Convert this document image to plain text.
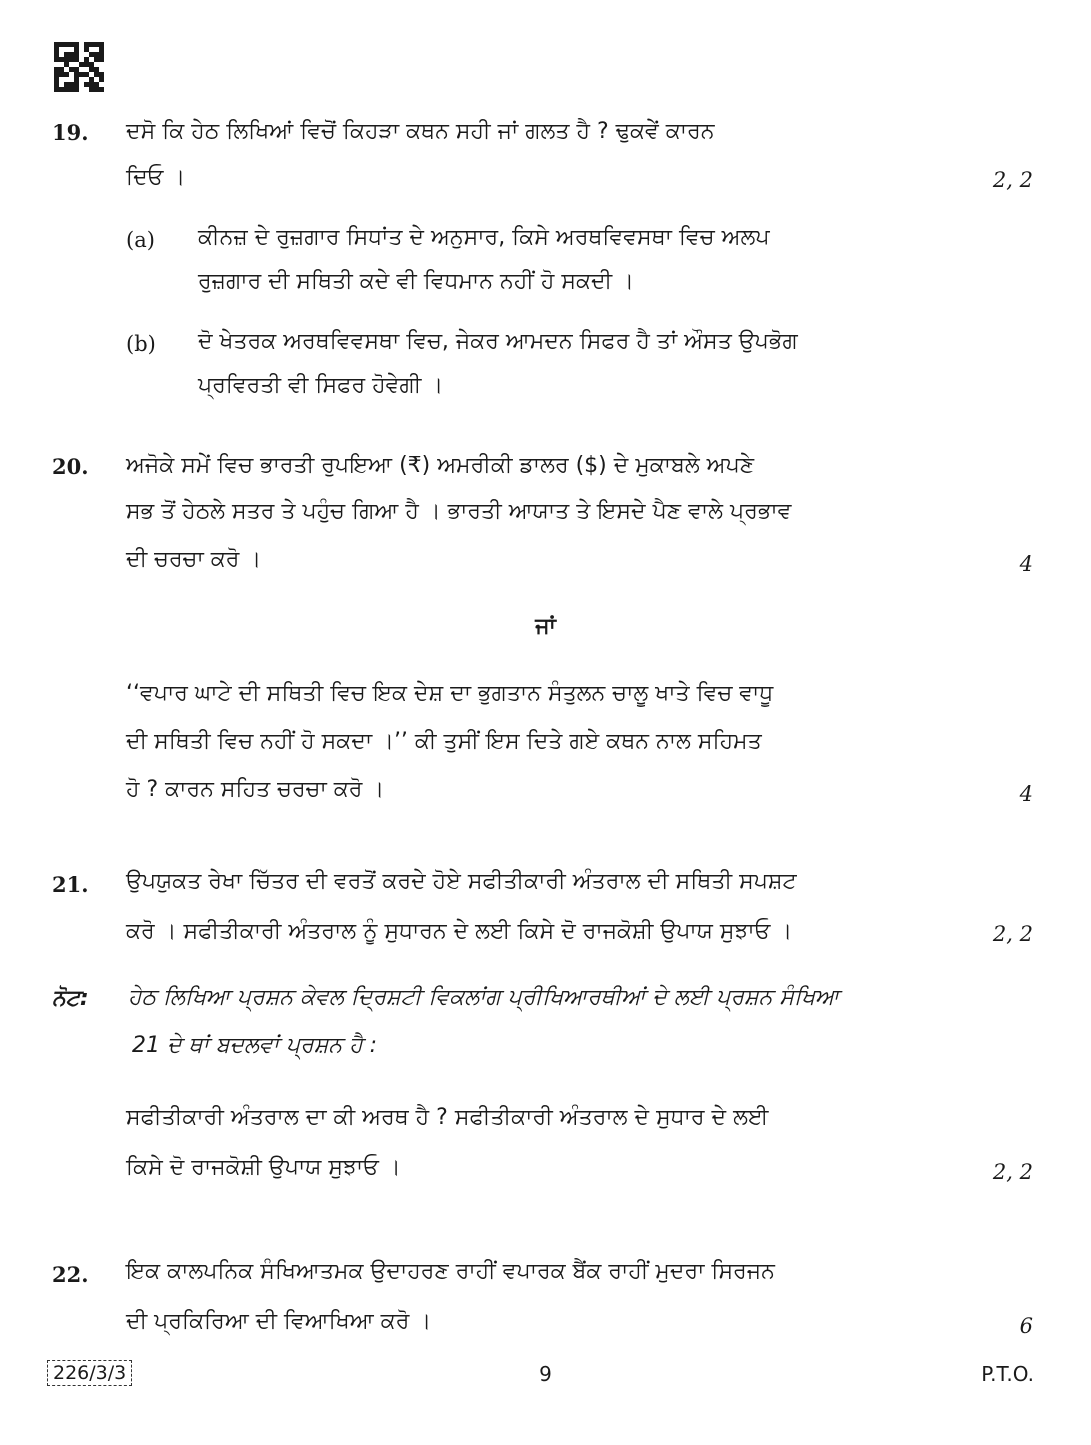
19. ਦਸੋ ਕਿ ਹੇਠ ਲਿਖਿਆਂ ਵਿਚੋਂ ਕਿਹੜਾ ਕਥਨ ਸਹੀ ਜਾਂ ਗਲਤ ਹੈ ? ਢੁਕਵੇਂ ਕਾਰਨ
ਦਿਓ ।	2, 2
(a) ਕੀਨਜ਼ ਦੇ ਰੁਜ਼ਗਾਰ ਸਿਧਾਂਤ ਦੇ ਅਨੁਸਾਰ, ਕਿਸੇ ਅਰਥਵਿਵਸਥਾ ਵਿਚ ਅਲਪ
ਰੁਜ਼ਗਾਰ ਦੀ ਸਥਿਤੀ ਕਦੇ ਵੀ ਵਿਧਮਾਨ ਨਹੀਂ ਹੋ ਸਕਦੀ ।
(b) ਦੋ ਖੇਤਰਕ ਅਰਥਵਿਵਸਥਾ ਵਿਚ, ਜੇਕਰ ਆਮਦਨ ਸਿਫਰ ਹੈ ਤਾਂ ਔਸਤ ਉਪਭੋਗ
ਪ੍ਰਵਿਰਤੀ ਵੀ ਸਿਫਰ ਹੋਵੇਗੀ ।
20. ਅਜੋਕੇ ਸਮੇਂ ਵਿਚ ਭਾਰਤੀ ਰੁਪਇਆ (₹) ਅਮਰੀਕੀ ਡਾਲਰ ($) ਦੇ ਮੁਕਾਬਲੇ ਅਪਣੇ
ਸਭ ਤੋਂ ਹੇਠਲੇ ਸਤਰ ਤੇ ਪਹੁੰਚ ਗਿਆ ਹੈ । ਭਾਰਤੀ ਆਯਾਤ ਤੇ ਇਸਦੇ ਪੈਣ ਵਾਲੇ ਪ੍ਰਭਾਵ
ਦੀ ਚਰਚਾ ਕਰੋ ।	4
ਜਾਂ
‘‘ਵਪਾਰ ਘਾਟੇ ਦੀ ਸਥਿਤੀ ਵਿਚ ਇਕ ਦੇਸ਼ ਦਾ ਭੁਗਤਾਨ ਸੰਤੁਲਨ ਚਾਲੂ ਖਾਤੇ ਵਿਚ ਵਾਧੂ
ਦੀ ਸਥਿਤੀ ਵਿਚ ਨਹੀਂ ਹੋ ਸਕਦਾ ।’’ ਕੀ ਤੁਸੀਂ ਇਸ ਦਿਤੇ ਗਏ ਕਥਨ ਨਾਲ ਸਹਿਮਤ
ਹੋ ? ਕਾਰਨ ਸਹਿਤ ਚਰਚਾ ਕਰੋ ।	4
21. ਉਪਯੁਕਤ ਰੇਖਾ ਚਿੱਤਰ ਦੀ ਵਰਤੋਂ ਕਰਦੇ ਹੋਏ ਸਫੀਤੀਕਾਰੀ ਅੰਤਰਾਲ ਦੀ ਸਥਿਤੀ ਸਪਸ਼ਟ
ਕਰੋ । ਸਫੀਤੀਕਾਰੀ ਅੰਤਰਾਲ ਨੂੰ ਸੁਧਾਰਨ ਦੇ ਲਈ ਕਿਸੇ ਦੋ ਰਾਜਕੋਸ਼ੀ ਉਪਾਯ ਸੁਝਾਓ ।	2, 2
ਨੋਟ: ਹੇਠ ਲਿਖਿਆ ਪ੍ਰਸ਼ਨ ਕੇਵਲ ਦ੍ਰਿਸ਼ਟੀ ਵਿਕਲਾਂਗ ਪ੍ਰੀਖਿਆਰਥੀਆਂ ਦੇ ਲਈ ਪ੍ਰਸ਼ਨ ਸੰਖਿਆ
21 ਦੇ ਥਾਂ ਬਦਲਵਾਂ ਪ੍ਰਸ਼ਨ ਹੈ :
ਸਫੀਤੀਕਾਰੀ ਅੰਤਰਾਲ ਦਾ ਕੀ ਅਰਥ ਹੈ ? ਸਫੀਤੀਕਾਰੀ ਅੰਤਰਾਲ ਦੇ ਸੁਧਾਰ ਦੇ ਲਈ
ਕਿਸੇ ਦੋ ਰਾਜਕੋਸ਼ੀ ਉਪਾਯ ਸੁਝਾਓ ।	2, 2
22. ਇਕ ਕਾਲਪਨਿਕ ਸੰਖਿਆਤਮਕ ਉਦਾਹਰਣ ਰਾਹੀਂ ਵਪਾਰਕ ਬੈਂਕ ਰਾਹੀਂ ਮੁਦਰਾ ਸਿਰਜਨ
ਦੀ ਪ੍ਰਕਿਰਿਆ ਦੀ ਵਿਆਖਿਆ ਕਰੋ ।	6
226/3/3	9	P.T.O.
